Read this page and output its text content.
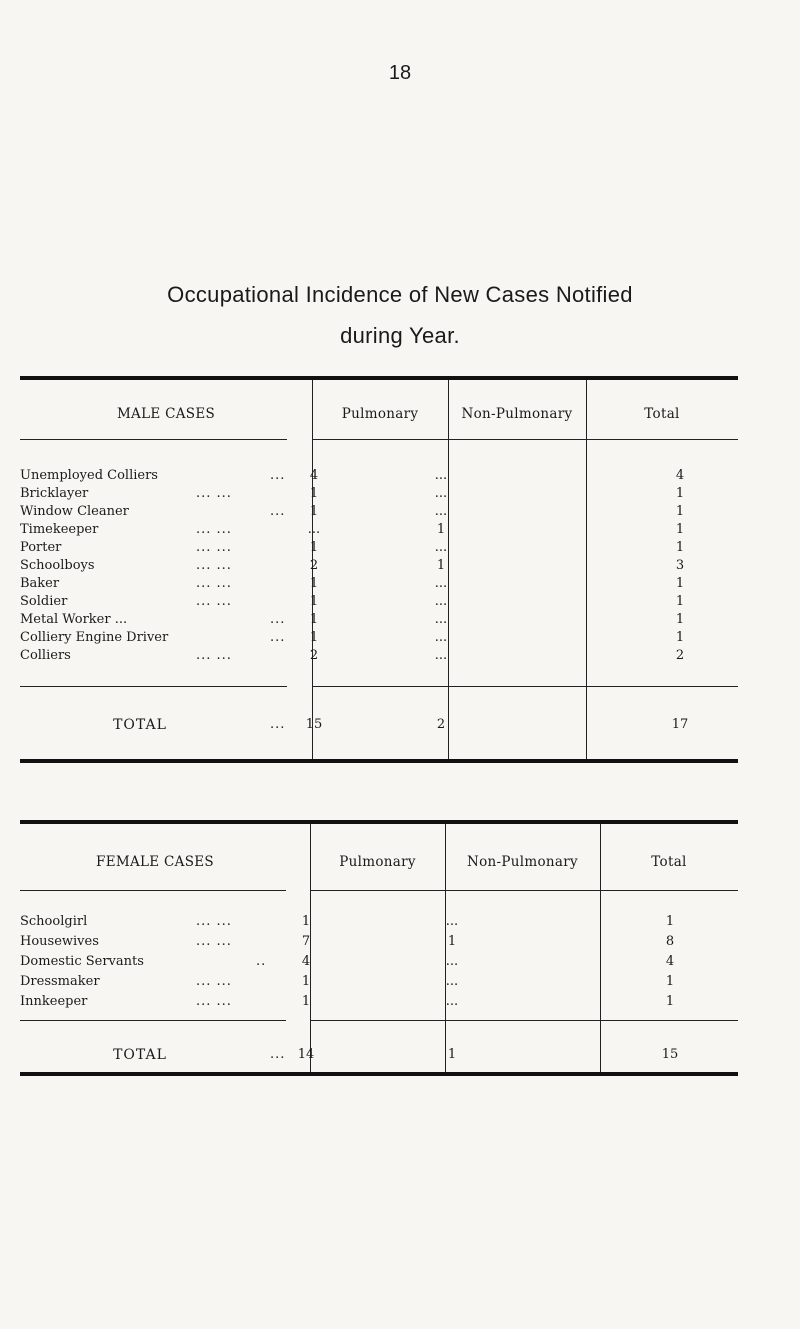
18
Occupational Incidence of New Cases Notified
during Year.
MALE CASES	Pulmonary	Non-Pulmonary	Total
Unemployed Colliers	...	4	...	4
Bricklayer	... ...	1	...	1
Window Cleaner	...	1	...	1
Timekeeper	... ...	...	1	1
Porter	... ...	1	...	1
Schoolboys	... ...	2	1	3
Baker	... ...	1	...	1
Soldier	... ...	1	...	1
Metal Worker ...	...	1	...	1
Colliery Engine Driver	...	1	...	1
Colliers	... ...	2	...	2
TOTAL	...	15	2	17
FEMALE CASES	Pulmonary	Non-Pulmonary	Total
Schoolgirl	... ...	1	...	1
Housewives	... ...	7	1	8
Domestic Servants	..	4	...	4
Dressmaker	... ...	1	...	1
Innkeeper	... ...	1	...	1
TOTAL	... 14	1	15
